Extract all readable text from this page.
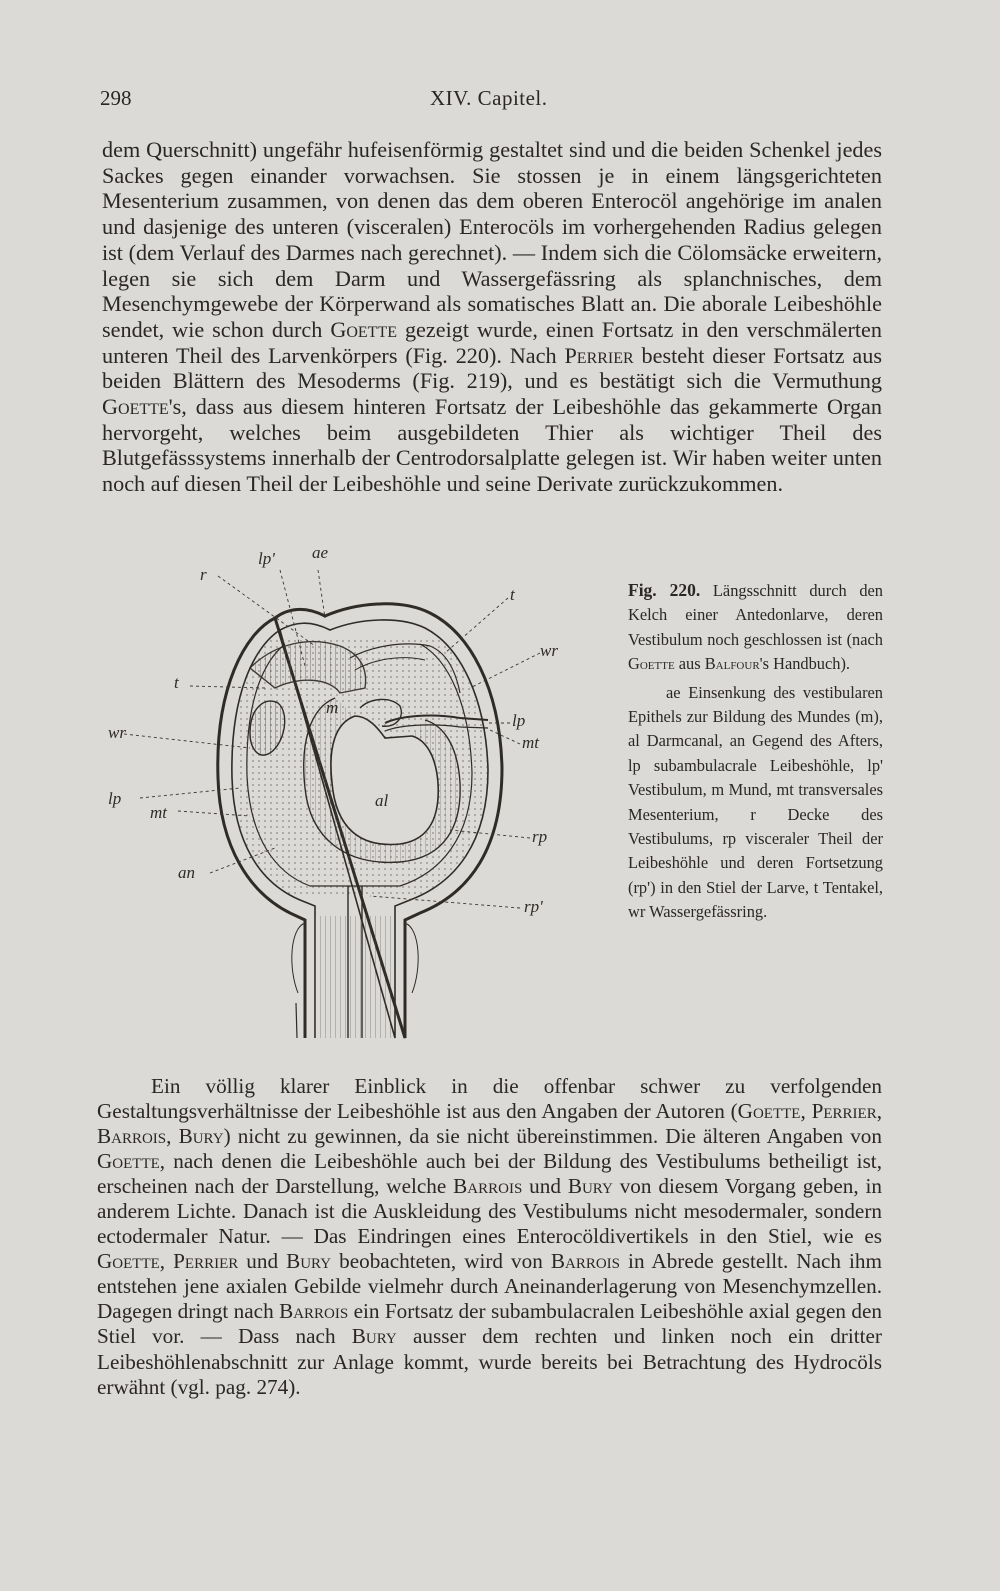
298	XIV. Capitel.

dem Querschnitt) ungefähr hufeisenförmig gestaltet sind und die beiden Schenkel jedes Sackes gegen einander vorwachsen. Sie stossen je in einem längsgerichteten Mesenterium zusammen, von denen das dem oberen Enterocöl angehörige im analen und dasjenige des unteren (visceralen) Enterocöls im vorhergehenden Radius gelegen ist (dem Verlauf des Darmes nach gerechnet). — Indem sich die Cölomsäcke erweitern, legen sie sich dem Darm und Wassergefässring als splanchnisches, dem Mesenchymgewebe der Körperwand als somatisches Blatt an. Die aborale Leibeshöhle sendet, wie schon durch Goette gezeigt wurde, einen Fortsatz in den verschmälerten unteren Theil des Larvenkörpers (Fig. 220). Nach Perrier besteht dieser Fortsatz aus beiden Blättern des Mesoderms (Fig. 219), und es bestätigt sich die Vermuthung Goette's, dass aus diesem hinteren Fortsatz der Leibeshöhle das gekammerte Organ hervorgeht, welches beim ausgebildeten Thier als wichtiger Theil des Blutgefässsystems innerhalb der Centrodorsalplatte gelegen ist. Wir haben weiter unten noch auf diesen Theil der Leibeshöhle und seine Derivate zurückzukommen.

lp' ae
r
t
wr
t
m
lp
mt
wr
lp
mt
al
rp
an
rp'

Fig. 220. Längsschnitt durch den Kelch einer Antedonlarve, deren Vestibulum noch geschlossen ist (nach Goette aus Balfour's Handbuch).

ae Einsenkung des vestibularen Epithels zur Bildung des Mundes (m), al Darmcanal, an Gegend des Afters, lp subambulacrale Leibeshöhle, lp' Vestibulum, m Mund, mt transversales Mesenterium, r Decke des Vestibulums, rp visceraler Theil der Leibeshöhle und deren Fortsetzung (rp') in den Stiel der Larve, t Tentakel, wr Wassergefässring.

Ein völlig klarer Einblick in die offenbar schwer zu verfolgenden Gestaltungsverhältnisse der Leibeshöhle ist aus den Angaben der Autoren (Goette, Perrier, Barrois, Bury) nicht zu gewinnen, da sie nicht übereinstimmen. Die älteren Angaben von Goette, nach denen die Leibeshöhle auch bei der Bildung des Vestibulums betheiligt ist, erscheinen nach der Darstellung, welche Barrois und Bury von diesem Vorgang geben, in anderem Lichte. Danach ist die Auskleidung des Vestibulums nicht mesodermaler, sondern ectodermaler Natur. — Das Eindringen eines Enterocöldivertikels in den Stiel, wie es Goette, Perrier und Bury beobachteten, wird von Barrois in Abrede gestellt. Nach ihm entstehen jene axialen Gebilde vielmehr durch Aneinanderlagerung von Mesenchymzellen. Dagegen dringt nach Barrois ein Fortsatz der subambulacralen Leibeshöhle axial gegen den Stiel vor. — Dass nach Bury ausser dem rechten und linken noch ein dritter Leibeshöhlenabschnitt zur Anlage kommt, wurde bereits bei Betrachtung des Hydrocöls erwähnt (vgl. pag. 274).
